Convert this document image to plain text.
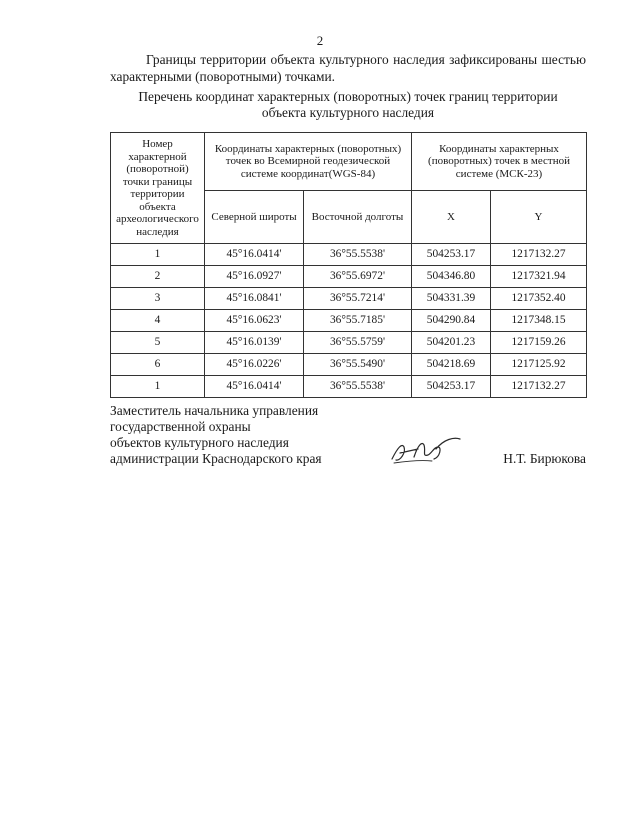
2
Границы территории объекта культурного наследия зафиксированы шестью характерными (поворотными) точками.
Перечень координат характерных (поворотных) точек границ территории
объекта культурного наследия
Номер характерной (поворотной) точки границы территории объекта археологического наследия	Координаты характерных (поворотных) точек во Всемирной геодезической системе координат(WGS-84)		Координаты характерных (поворотных) точек в местной системе (МСК-23)	
	Северной широты	Восточной долготы	X	Y
1	45°16.0414'	36°55.5538'	504253.17	1217132.27
2	45°16.0927'	36°55.6972'	504346.80	1217321.94
3	45°16.0841'	36°55.7214'	504331.39	1217352.40
4	45°16.0623'	36°55.7185'	504290.84	1217348.15
5	45°16.0139'	36°55.5759'	504201.23	1217159.26
6	45°16.0226'	36°55.5490'	504218.69	1217125.92
1	45°16.0414'	36°55.5538'	504253.17	1217132.27
Заместитель начальника управления
государственной охраны
объектов культурного наследия
администрации Краснодарского края	Н.Т. Бирюкова
